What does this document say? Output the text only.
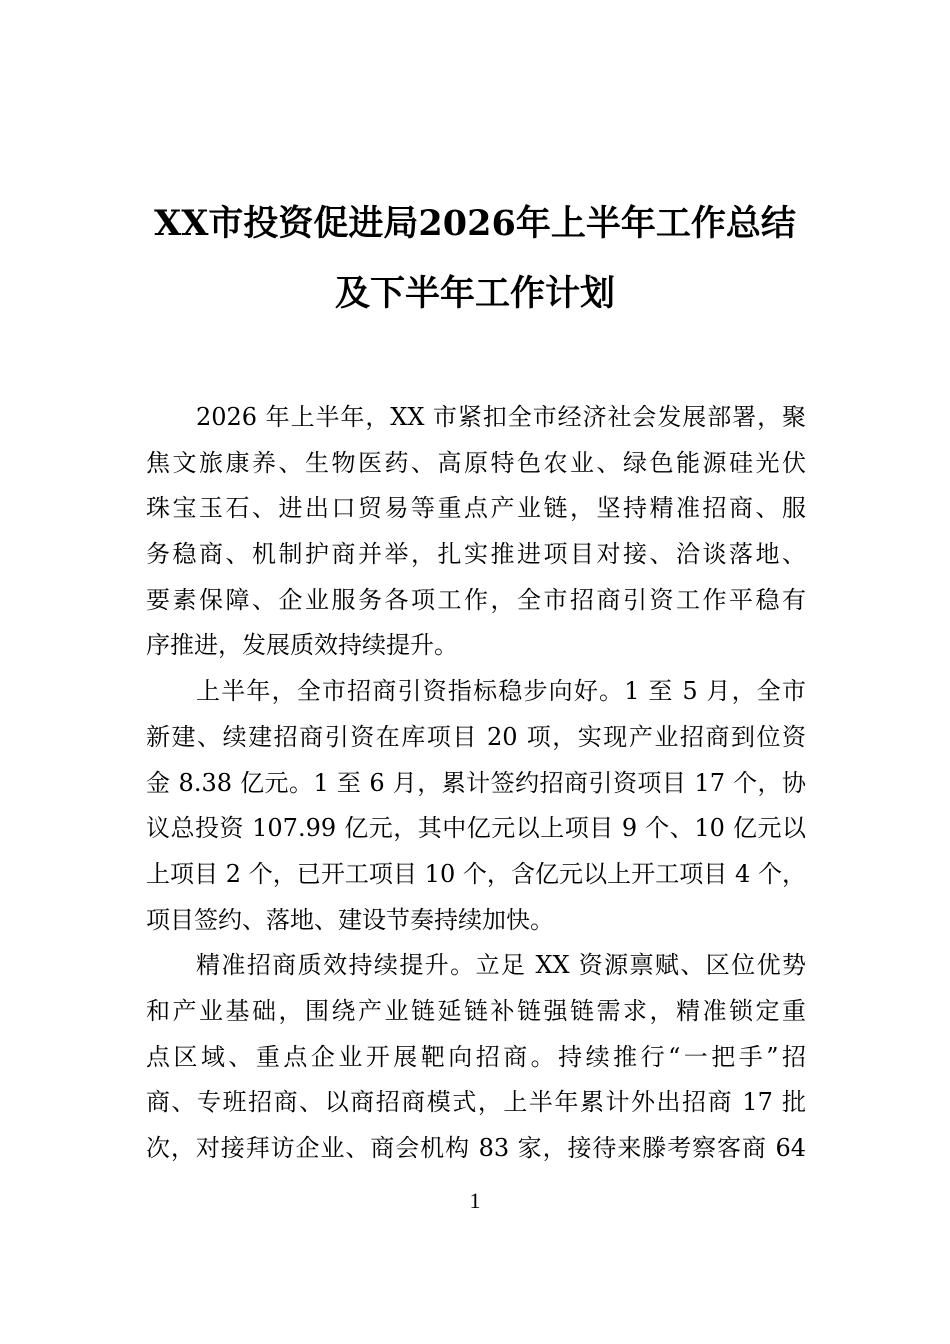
XX市投资促进局2026年上半年工作总结
及下半年工作计划
2026 年上半年，XX 市紧扣全市经济社会发展部署，聚
焦文旅康养、生物医药、高原特色农业、绿色能源硅光伏
珠宝玉石、进出口贸易等重点产业链，坚持精准招商、服
务稳商、机制护商并举，扎实推进项目对接、洽谈落地、
要素保障、企业服务各项工作，全市招商引资工作平稳有
序推进，发展质效持续提升。
上半年，全市招商引资指标稳步向好。1 至 5 月，全市
新建、续建招商引资在库项目 20 项，实现产业招商到位资
金 8.38 亿元。1 至 6 月，累计签约招商引资项目 17 个，协
议总投资 107.99 亿元，其中亿元以上项目 9 个、10 亿元以
上项目 2 个，已开工项目 10 个，含亿元以上开工项目 4 个，
项目签约、落地、建设节奏持续加快。
精准招商质效持续提升。立足 XX 资源禀赋、区位优势
和产业基础，围绕产业链延链补链强链需求，精准锁定重
点区域、重点企业开展靶向招商。持续推行“一把手”招
商、专班招商、以商招商模式，上半年累计外出招商 17 批
次，对接拜访企业、商会机构 83 家，接待来滕考察客商 64
1
